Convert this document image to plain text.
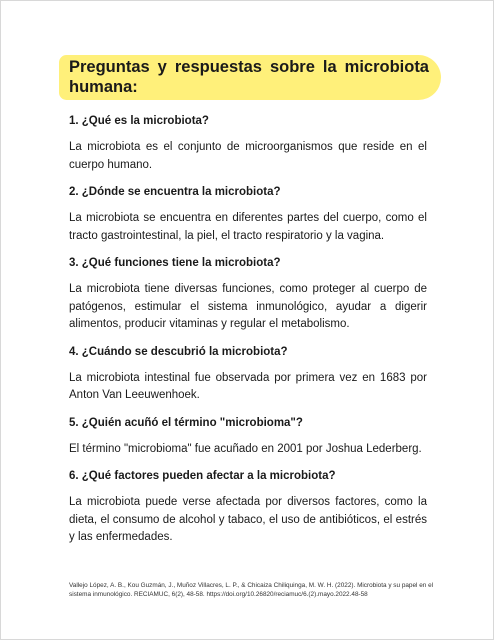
Preguntas y respuestas sobre la microbiota humana:

1. ¿Qué es la microbiota?

La microbiota es el conjunto de microorganismos que reside en el cuerpo humano.

2. ¿Dónde se encuentra la microbiota?

La microbiota se encuentra en diferentes partes del cuerpo, como el tracto gastrointestinal, la piel, el tracto respiratorio y la vagina.

3. ¿Qué funciones tiene la microbiota?

La microbiota tiene diversas funciones, como proteger al cuerpo de patógenos, estimular el sistema inmunológico, ayudar a digerir alimentos, producir vitaminas y regular el metabolismo.

4. ¿Cuándo se descubrió la microbiota?

La microbiota intestinal fue observada por primera vez en 1683 por Anton Van Leeuwenhoek.

5. ¿Quién acuñó el término "microbioma"?

El término "microbioma" fue acuñado en 2001 por Joshua Lederberg.

6. ¿Qué factores pueden afectar a la microbiota?

La microbiota puede verse afectada por diversos factores, como la dieta, el consumo de alcohol y tabaco, el uso de antibióticos, el estrés y las enfermedades.

Vallejo López, A. B., Kou Guzmán, J., Muñoz Villacres, L. P., & Chicaiza Chiliquinga, M. W. H. (2022). Microbiota y su papel en el sistema inmunológico. RECIAMUC, 6(2), 48-58. https://doi.org/10.26820/reciamuc/6.(2).mayo.2022.48-58
